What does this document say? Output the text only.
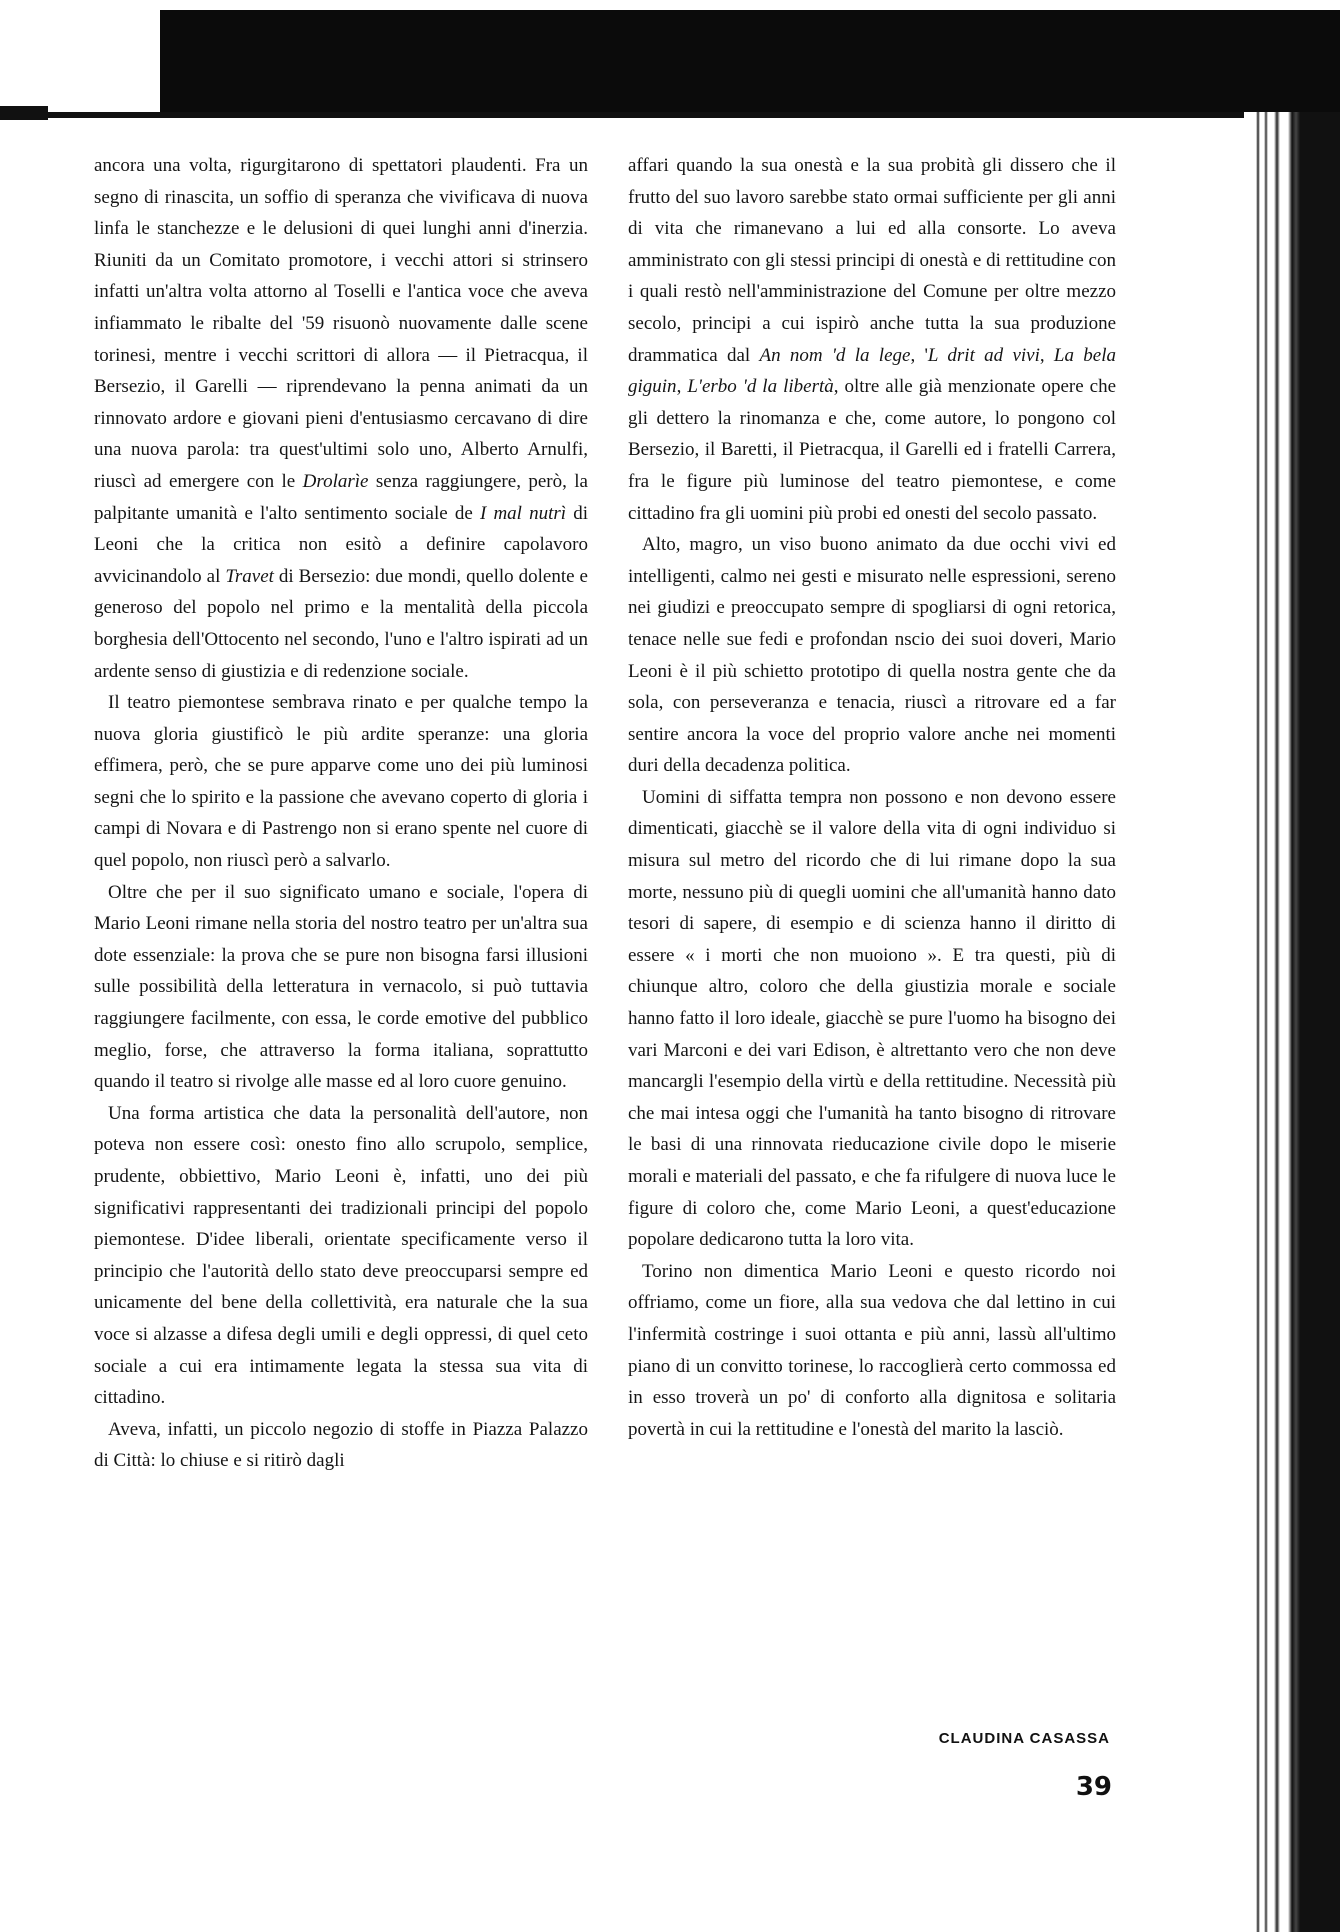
ancora una volta, rigurgitarono di spettatori plaudenti. Fra un segno di rinascita, un soffio di speranza che vivificava di nuova linfa le stanchezze e le delusioni di quei lunghi anni d'inerzia. Riuniti da un Comitato promotore, i vecchi attori si strinsero infatti un'altra volta attorno al Toselli e l'antica voce che aveva infiammato le ribalte del '59 risuonò nuovamente dalle scene torinesi, mentre i vecchi scrittori di allora — il Pietracqua, il Bersezio, il Garelli — riprendevano la penna animati da un rinnovato ardore e giovani pieni d'entusiasmo cercavano di dire una nuova parola: tra quest'ultimi solo uno, Alberto Arnulfi, riuscì ad emergere con le Drolarìe senza raggiungere, però, la palpitante umanità e l'alto sentimento sociale de I mal nutrì di Leoni che la critica non esitò a definire capolavoro avvicinandolo al Travet di Bersezio: due mondi, quello dolente e generoso del popolo nel primo e la mentalità della piccola borghesia dell'Ottocento nel secondo, l'uno e l'altro ispirati ad un ardente senso di giustizia e di redenzione sociale.

Il teatro piemontese sembrava rinato e per qualche tempo la nuova gloria giustificò le più ardite speranze: una gloria effimera, però, che se pure apparve come uno dei più luminosi segni che lo spirito e la passione che avevano coperto di gloria i campi di Novara e di Pastrengo non si erano spente nel cuore di quel popolo, non riuscì però a salvarlo.

Oltre che per il suo significato umano e sociale, l'opera di Mario Leoni rimane nella storia del nostro teatro per un'altra sua dote essenziale: la prova che se pure non bisogna farsi illusioni sulle possibilità della letteratura in vernacolo, si può tuttavia raggiungere facilmente, con essa, le corde emotive del pubblico meglio, forse, che attraverso la forma italiana, soprattutto quando il teatro si rivolge alle masse ed al loro cuore genuino.

Una forma artistica che data la personalità dell'autore, non poteva non essere così: onesto fino allo scrupolo, semplice, prudente, obbiettivo, Mario Leoni è, infatti, uno dei più significativi rappresentanti dei tradizionali principi del popolo piemontese. D'idee liberali, orientate specificamente verso il principio che l'autorità dello stato deve preoccuparsi sempre ed unicamente del bene della collettività, era naturale che la sua voce si alzasse a difesa degli umili e degli oppressi, di quel ceto sociale a cui era intimamente legata la stessa sua vita di cittadino.

Aveva, infatti, un piccolo negozio di stoffe in Piazza Palazzo di Città: lo chiuse e si ritirò dagli

affari quando la sua onestà e la sua probità gli dissero che il frutto del suo lavoro sarebbe stato ormai sufficiente per gli anni di vita che rimanevano a lui ed alla consorte. Lo aveva amministrato con gli stessi principi di onestà e di rettitudine con i quali restò nell'amministrazione del Comune per oltre mezzo secolo, principi a cui ispirò anche tutta la sua produzione drammatica dal An nom 'd la lege, 'L drit ad vivi, La bela giguin, L'erbo 'd la libertà, oltre alle già menzionate opere che gli dettero la rinomanza e che, come autore, lo pongono col Bersezio, il Baretti, il Pietracqua, il Garelli ed i fratelli Carrera, fra le figure più luminose del teatro piemontese, e come cittadino fra gli uomini più probi ed onesti del secolo passato.

Alto, magro, un viso buono animato da due occhi vivi ed intelligenti, calmo nei gesti e misurato nelle espressioni, sereno nei giudizi e preoccupato sempre di spogliarsi di ogni retorica, tenace nelle sue fedi e profondan nscio dei suoi doveri, Mario Leoni è il più schietto prototipo di quella nostra gente che da sola, con perseveranza e tenacia, riuscì a ritrovare ed a far sentire ancora la voce del proprio valore anche nei momenti duri della decadenza politica.

Uomini di siffatta tempra non possono e non devono essere dimenticati, giacchè se il valore della vita di ogni individuo si misura sul metro del ricordo che di lui rimane dopo la sua morte, nessuno più di quegli uomini che all'umanità hanno dato tesori di sapere, di esempio e di scienza hanno il diritto di essere « i morti che non muoiono ». E tra questi, più di chiunque altro, coloro che della giustizia morale e sociale hanno fatto il loro ideale, giacchè se pure l'uomo ha bisogno dei vari Marconi e dei vari Edison, è altrettanto vero che non deve mancargli l'esempio della virtù e della rettitudine. Necessità più che mai intesa oggi che l'umanità ha tanto bisogno di ritrovare le basi di una rinnovata rieducazione civile dopo le miserie morali e materiali del passato, e che fa rifulgere di nuova luce le figure di coloro che, come Mario Leoni, a quest'educazione popolare dedicarono tutta la loro vita.

Torino non dimentica Mario Leoni e questo ricordo noi offriamo, come un fiore, alla sua vedova che dal lettino in cui l'infermità costringe i suoi ottanta e più anni, lassù all'ultimo piano di un convitto torinese, lo raccoglierà certo commossa ed in esso troverà un po' di conforto alla dignitosa e solitaria povertà in cui la rettitudine e l'onestà del marito la lasciò.

CLAUDINA CASASSA
39
